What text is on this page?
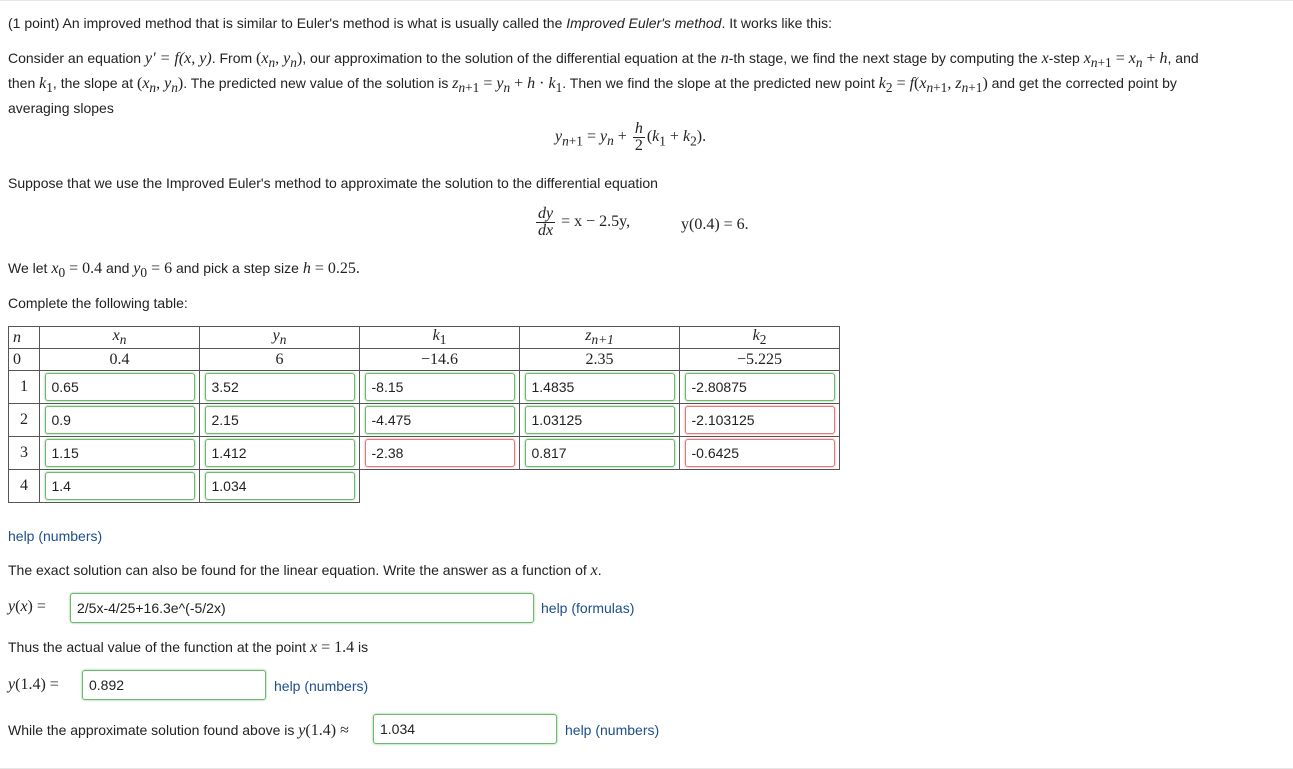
(1 point) An improved method that is similar to Euler's method is what is usually called the Improved Euler's method. It works like this:
Consider an equation y′ = f(x, y). From ($x_n$, $y_n$), our approximation to the solution of the differential equation at the n-th stage, we find the next stage by computing the x-step $x_{n+1} = x_n + h$, and
then $k_1$, the slope at ($x_n$, $y_n$). The predicted new value of the solution is $z_{n+1} = y_n + h \cdot k_1$. Then we find the slope at the predicted new point $k_2 = f(x_{n+1}$, $z_{n+1}$) and get the corrected point by
averaging slopes
$y_{n+1} = y_n + \frac{h}{2} (k_1 + k_2)$.
Suppose that we use the Improved Euler's method to approximate the solution to the differential equation
$\frac{dy}{dx} = x - 2.5y$,	y(0.4) = 6.
We let $x_0 = 0.4$ and $y_0 = 6$ and pick a step size h = 0.25.
Complete the following table:
n	$x_n$	$y_n$	$k_1$	$z_{n+1}$	$k_2$
0	0.4	6	−14.6	2.35	−5.225
1	0.65	3.52	-8.15	1.4835	-2.80875

2	0.9	2.15	-4.475	1.03125	-2.103125

3	1.15	1.412	-2.38	0.817	-0.6425

4	1.4	1.034			

help (numbers)
The exact solution can also be found for the linear equation. Write the answer as a function of x.
y(x) =	2/5x-4/25+16.3e^(-5/2x)	help (formulas)
Thus the actual value of the function at the point x = 1.4 is
y(1.4) =	0.892	help (numbers)
While the approximate solution found above is y(1.4) ≈	1.034	help (numbers)
